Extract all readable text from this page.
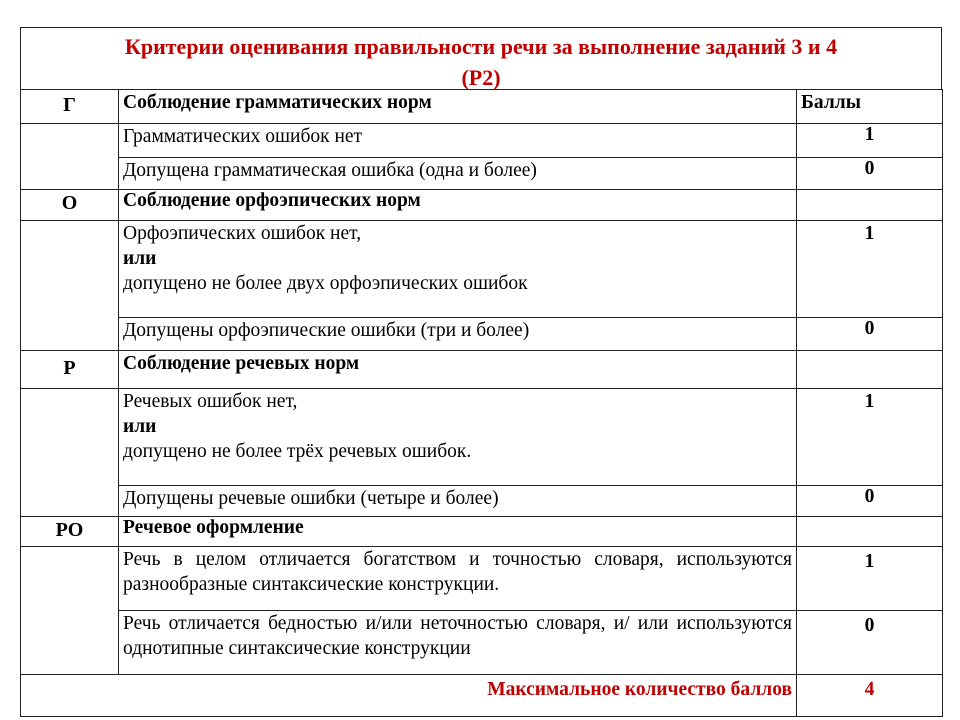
Критерии оценивания правильности речи за выполнение заданий 3 и 4
(Р2)
Г	Соблюдение грамматических норм	Баллы
	Грамматических ошибок нет	1
	Допущена грамматическая ошибка (одна и более)	0
О	Соблюдение орфоэпических норм	

	Орфоэпических ошибок нет,
или
допущено не более двух орфоэпических ошибок	1
	Допущены орфоэпические ошибки (три и более)	0
Р	Соблюдение речевых норм	

	Речевых ошибок нет,
или
допущено не более трёх речевых ошибок.	1
	Допущены речевые ошибки (четыре и более)	0
РО	Речевое оформление	
	Речь в целом отличается богатством и точностью словаря, используются разнообразные синтаксические конструкции.	1
	Речь отличается бедностью и/или неточностью словаря, и/ или используются однотипные синтаксические конструкции	0
Максимальное количество баллов		4
